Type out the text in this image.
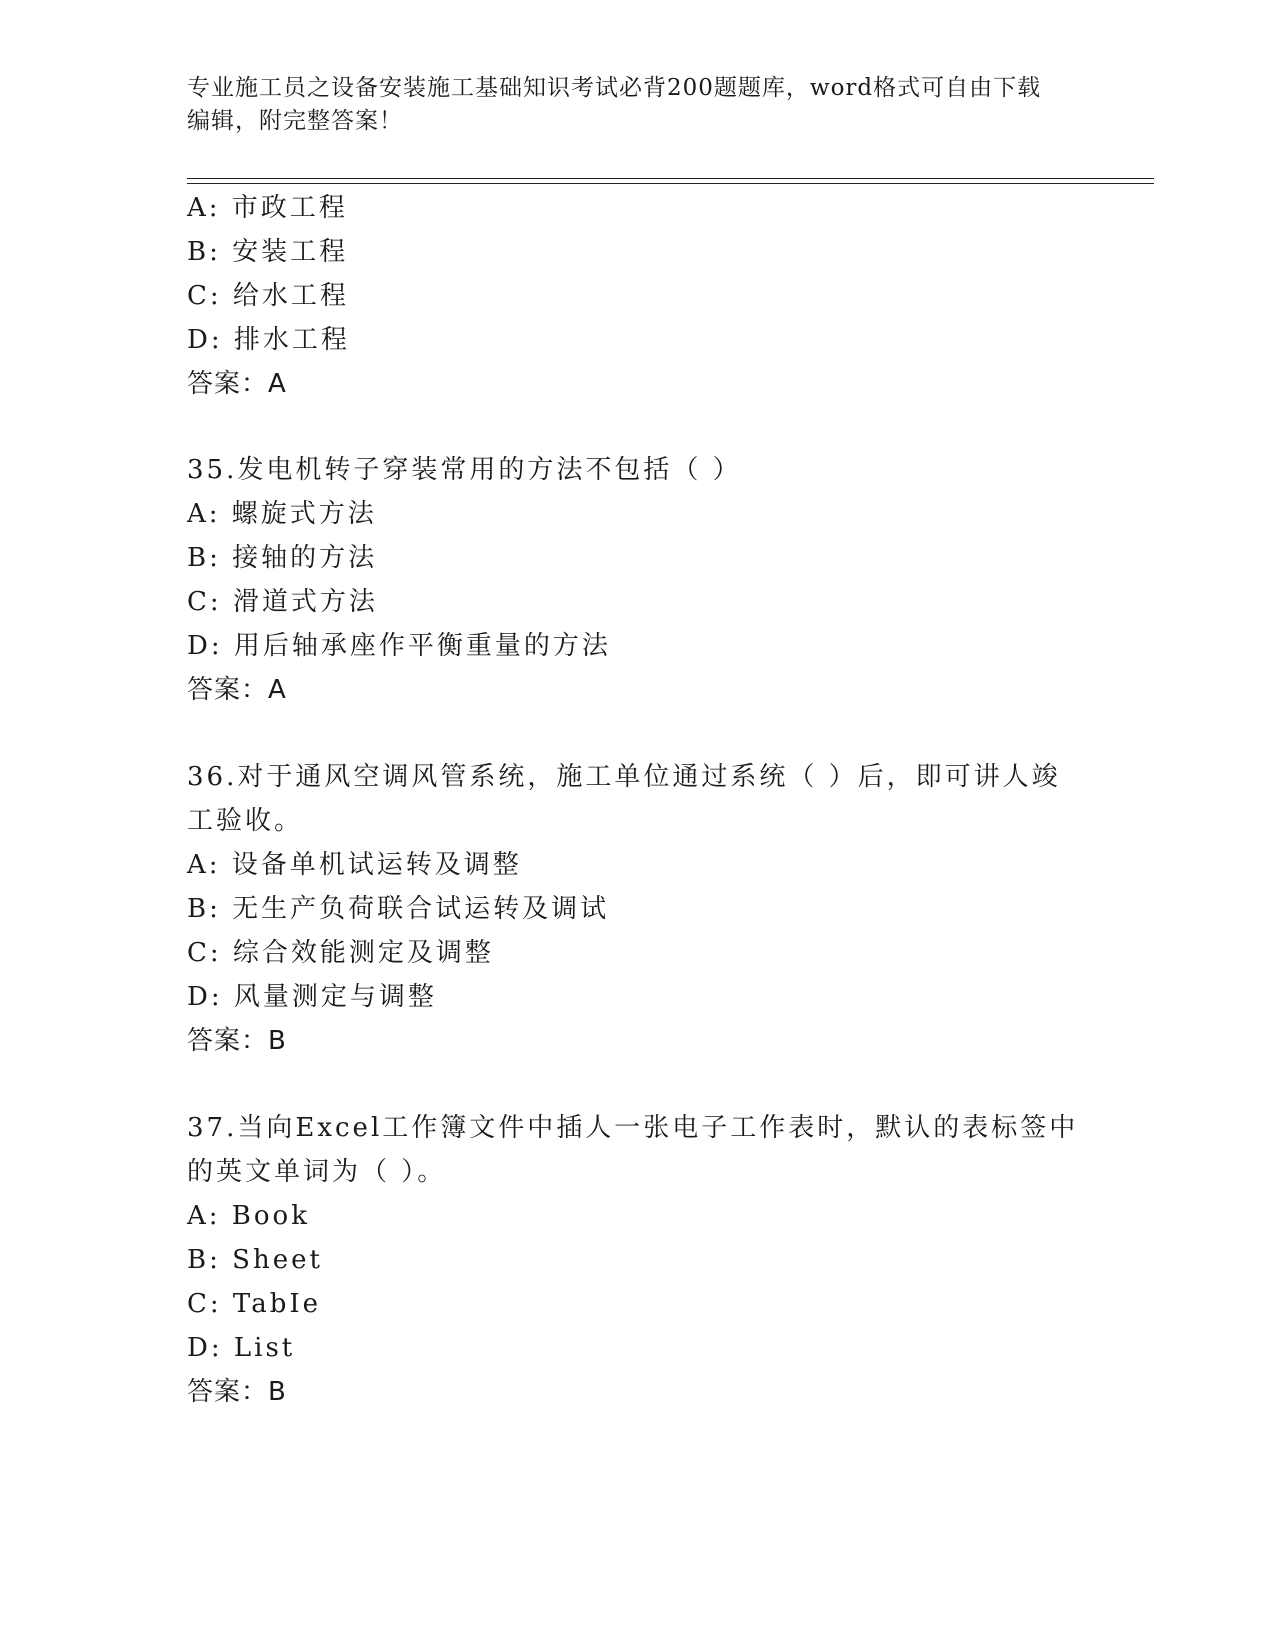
专业施工员之设备安装施工基础知识考试必背200题题库，word格式可自由下载
编辑，附完整答案！
A: 市政工程
B: 安装工程
C: 给水工程
D: 排水工程
答案：A
35.发电机转子穿装常用的方法不包括（ ）
A: 螺旋式方法
B: 接轴的方法
C: 滑道式方法
D: 用后轴承座作平衡重量的方法
答案：A
36.对于通风空调风管系统，施工单位通过系统（ ）后，即可讲人竣
工验收。
A: 设备单机试运转及调整
B: 无生产负荷联合试运转及调试
C: 综合效能测定及调整
D: 风量测定与调整
答案：B
37.当向Excel工作簿文件中插人一张电子工作表时，默认的表标签中
的英文单词为（ ）。
A: Book
B: Sheet
C: TabIe
D: List
答案：B
